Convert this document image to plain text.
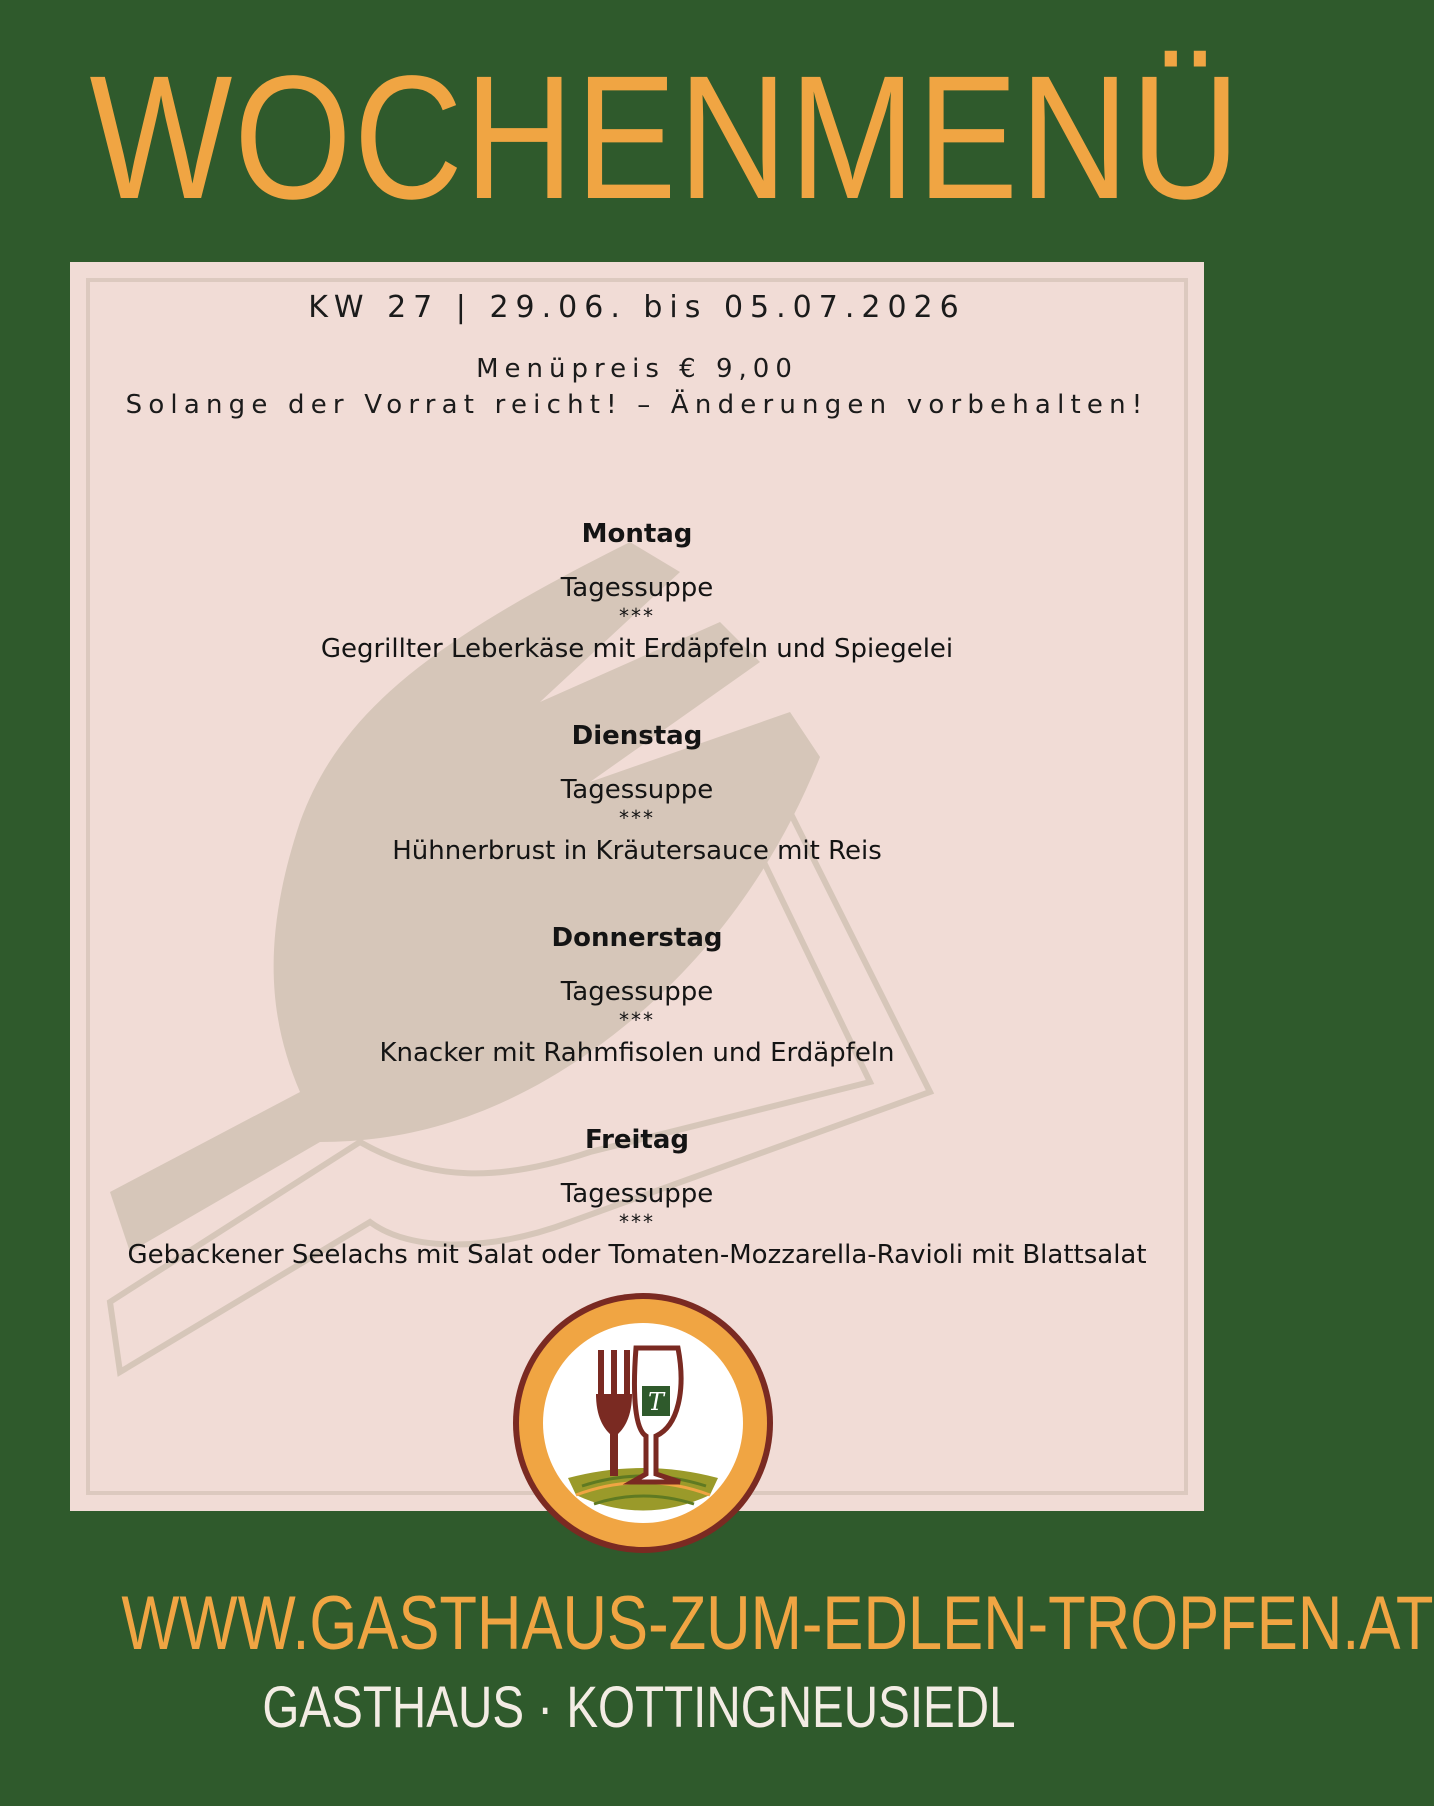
WOCHENMENÜ
KW 27 | 29.06. bis 05.07.2026
Menüpreis € 9,00
Solange der Vorrat reicht! – Änderungen vorbehalten!
Montag
Tagessuppe
***
Gegrillter Leberkäse mit Erdäpfeln und Spiegelei
Dienstag
Tagessuppe
***
Hühnerbrust in Kräutersauce mit Reis
Donnerstag
Tagessuppe
***
Knacker mit Rahmfisolen und Erdäpfeln
Freitag
Tagessuppe
***
Gebackener Seelachs mit Salat oder Tomaten-Mozzarella-Ravioli mit Blattsalat
T
WWW.GASTHAUS-ZUM-EDLEN-TROPFEN.AT
GASTHAUS · KOTTINGNEUSIEDL
